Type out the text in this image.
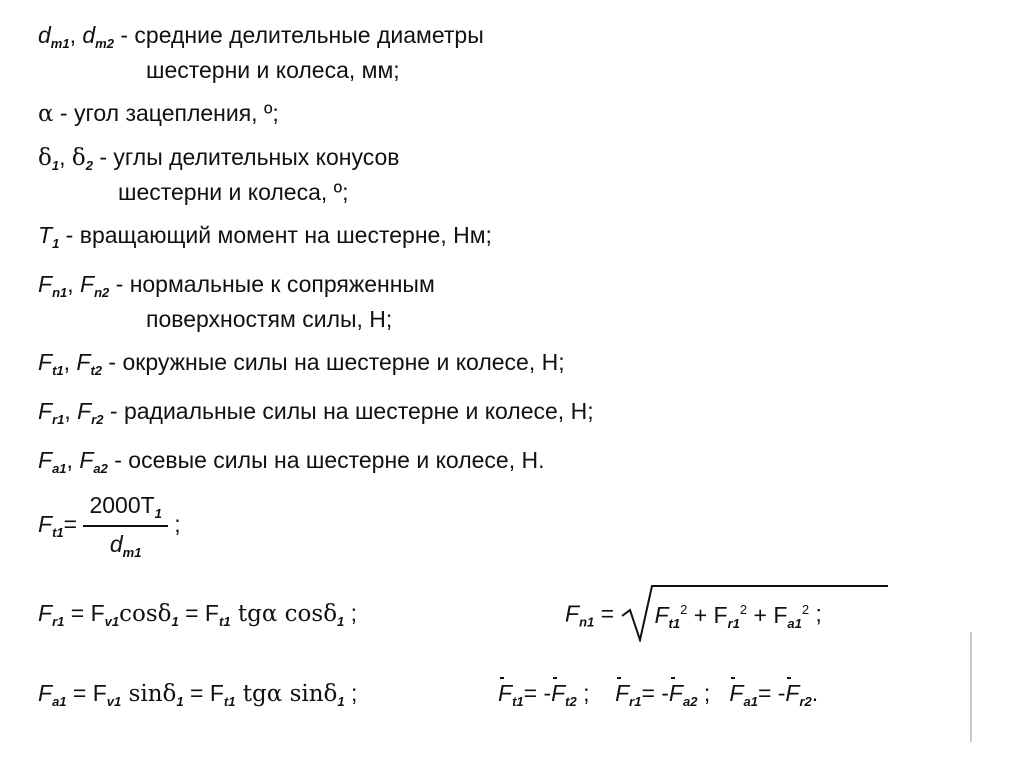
$d_{m1}$, $d_{m2}$ - средние делительные диаметры
шестерни и колеса, мм;
α - угол зацепления, º;
$\delta_1$, $\delta_2$ - углы делительных конусов
шестерни и колеса, º;
$T_1$ - вращающий момент на шестерне, Нм;
$F_{n1}$, $F_{n2}$ - нормальные к сопряженным
поверхностям силы, Н;
$F_{t1}$, $F_{t2}$ - окружные силы на шестерне и колесе, Н;
$F_{r1}$, $F_{r2}$ - радиальные силы на шестерне и колесе, Н;
$F_{a1}$, $F_{a2}$ - осевые силы на шестерне и колесе, Н.
$F_{t1}= \frac{2000T_1}{d_{m1}}$ ;
$F_{r1} = F_{v1}\cos\delta_1 = F_{t1}$ tgα cosδ$_1$ ;	$F_{n1} = F_{t1}^2 + F_{r1}^2 + F_{a1}^2$ ;
$F_{a1} = F_{v1}$ $\sin\delta_1 = F_{t1}$ tgα sinδ$_1$ ;	$F_{t1}= -F_{t2}$ ; $F_{r1}= -F_{a2}$ ; $F_{a1}= -F_{r2}$.
